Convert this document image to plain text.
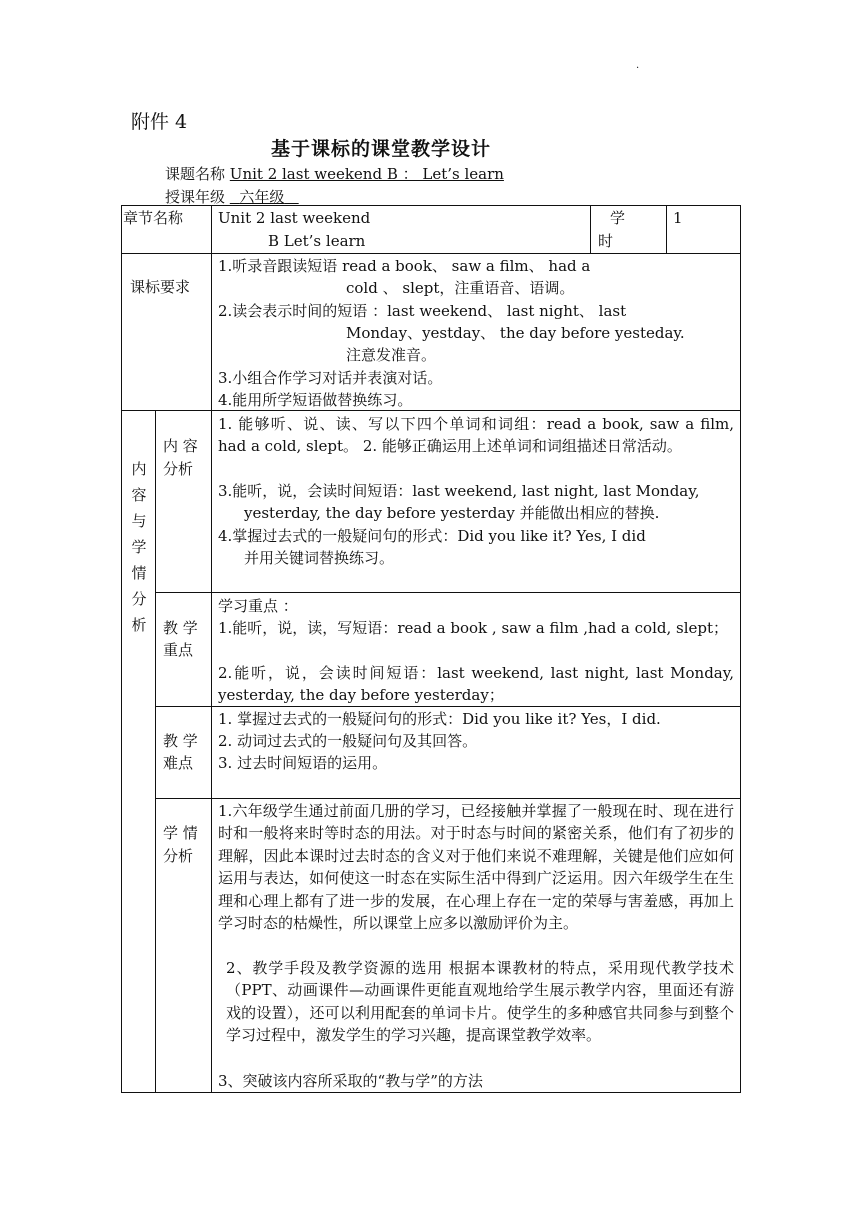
.
附件 4
基于课标的课堂教学设计
课题名称 Unit 2 last weekend B ： Let’s learn
授课年级 六年级
章节名称 Unit 2 last weekend
B Let’s learn
学
时
1
课标要求
1.听录音跟读短语 read a book、 saw a film、 had a
cold 、 slept，注重语音、语调。
2.读会表示时间的短语 ：last weekend、 last night、 last
Monday、yestday、 the day before yesteday.
注意发准音。
3.小组合作学习对话并表演对话。
4.能用所学短语做替换练习。
内
容
与
学
情
分
析
内 容
分析
1. 能够听、说、读、写以下四个单词和词组：read a book, saw a film, had a cold, slept。 2. 能够正确运用上述单词和词组描述日常活动。
3.能听，说，会读时间短语：last weekend, last night, last Monday,
yesterday, the day before yesterday 并能做出相应的替换.
4.掌握过去式的一般疑问句的形式：Did you like it? Yes, I did
并用关键词替换练习。
教 学
重点
学习重点 ：
1.能听，说，读，写短语：read a book , saw a film ,had a cold, slept；
2.能听，说，会读时间短语：last weekend, last night, last Monday, yesterday, the day before yesterday；
教 学
难点
1. 掌握过去式的一般疑问句的形式：Did you like it? Yes，I did.
2. 动词过去式的一般疑问句及其回答。
3. 过去时间短语的运用。
学 情
分析
1.六年级学生通过前面几册的学习，已经接触并掌握了一般现在时、现在进行时和一般将来时等时态的用法。对于时态与时间的紧密关系，他们有了初步的理解，因此本课时过去时态的含义对于他们来说不难理解，关键是他们应如何运用与表达，如何使这一时态在实际生活中得到广泛运用。因六年级学生在生理和心理上都有了进一步的发展，在心理上存在一定的荣辱与害羞感，再加上学习时态的枯燥性，所以课堂上应多以激励评价为主。
2、教学手段及教学资源的选用 根据本课教材的特点，采用现代教学技术（PPT、动画课件—动画课件更能直观地给学生展示教学内容，里面还有游戏的设置），还可以利用配套的单词卡片。使学生的多种感官共同参与到整个学习过程中，激发学生的学习兴趣，提高课堂教学效率。
3、突破该内容所采取的“教与学”的方法
